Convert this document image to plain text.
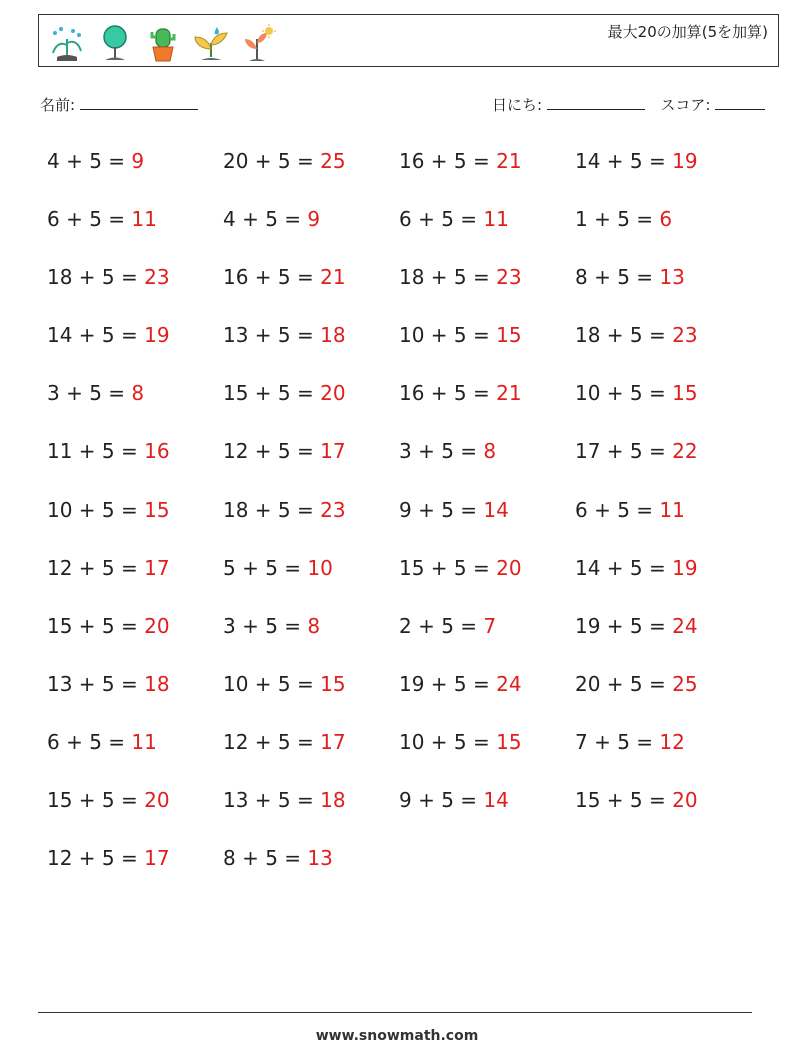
最大20の加算(5を加算)
名前:	日にち:	スコア:
4 + 5 = 9	20 + 5 = 25	16 + 5 = 21	14 + 5 = 19
6 + 5 = 11	4 + 5 = 9	6 + 5 = 11	1 + 5 = 6
18 + 5 = 23	16 + 5 = 21	18 + 5 = 23	8 + 5 = 13
14 + 5 = 19	13 + 5 = 18	10 + 5 = 15	18 + 5 = 23
3 + 5 = 8	15 + 5 = 20	16 + 5 = 21	10 + 5 = 15
11 + 5 = 16	12 + 5 = 17	3 + 5 = 8	17 + 5 = 22
10 + 5 = 15	18 + 5 = 23	9 + 5 = 14	6 + 5 = 11
12 + 5 = 17	5 + 5 = 10	15 + 5 = 20	14 + 5 = 19
15 + 5 = 20	3 + 5 = 8	2 + 5 = 7	19 + 5 = 24
13 + 5 = 18	10 + 5 = 15	19 + 5 = 24	20 + 5 = 25
6 + 5 = 11	12 + 5 = 17	10 + 5 = 15	7 + 5 = 12
15 + 5 = 20	13 + 5 = 18	9 + 5 = 14	15 + 5 = 20
12 + 5 = 17	8 + 5 = 13
www.snowmath.com
